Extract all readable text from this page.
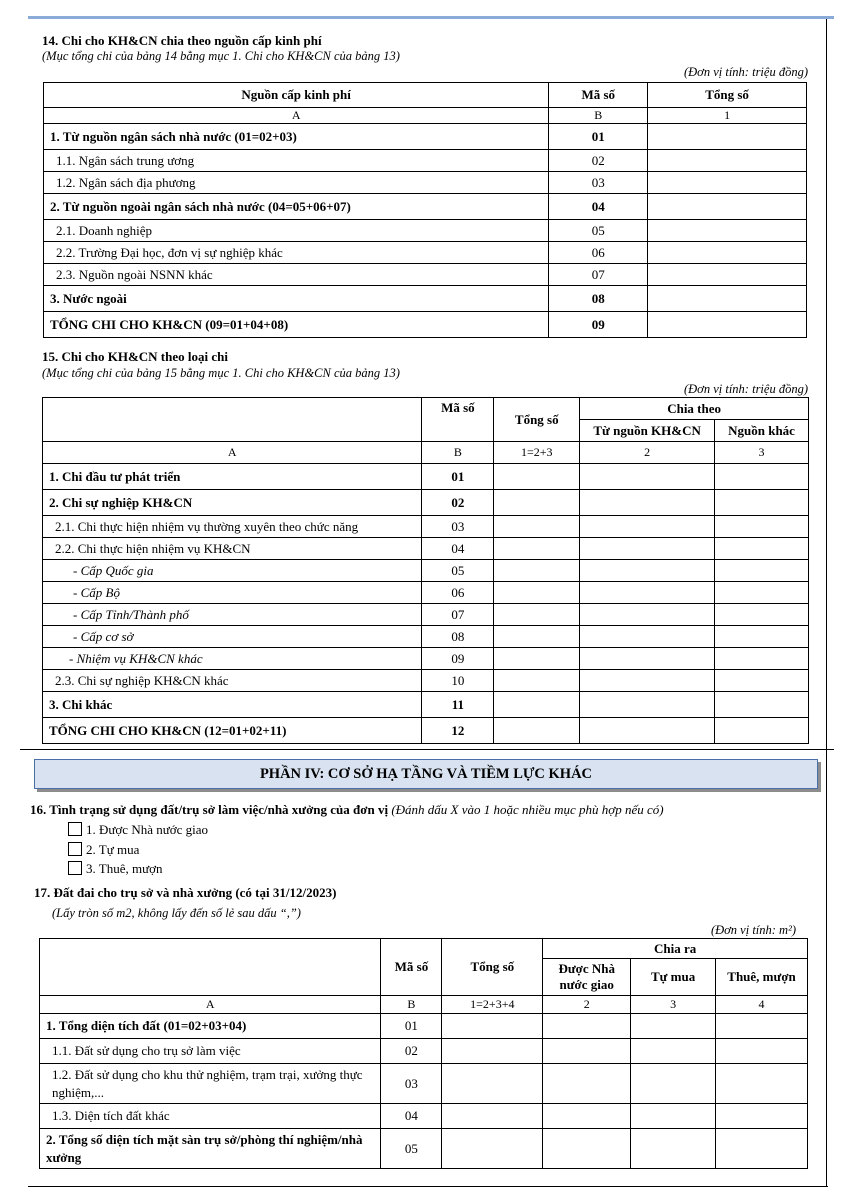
14. Chi cho KH&CN chia theo nguồn cấp kinh phí
(Mục tổng chi của bảng 14 bằng mục 1. Chi cho KH&CN của bảng 13)
(Đơn vị tính: triệu đồng)
Nguồn cấp kinh phí	Mã số	Tổng số
A	B	1
1. Từ nguồn ngân sách nhà nước (01=02+03)	01	
1.1. Ngân sách trung ương	02	
1.2. Ngân sách địa phương	03	
2. Từ nguồn ngoài ngân sách nhà nước (04=05+06+07)	04	
2.1. Doanh nghiệp	05	
2.2. Trường Đại học, đơn vị sự nghiệp khác	06	
2.3. Nguồn ngoài NSNN khác	07	
3. Nước ngoài	08	
TỔNG CHI CHO KH&CN (09=01+04+08)	09	
15. Chi cho KH&CN theo loại chi
(Mục tổng chi của bảng 15 bằng mục 1. Chi cho KH&CN của bảng 13)
(Đơn vị tính: triệu đồng)
	Mã số	Tổng số	Chia theo	
			Từ nguồn KH&CN	Nguồn khác
A	B	1=2+3	2	3
1. Chi đầu tư phát triển	01			
2. Chi sự nghiệp KH&CN	02			
2.1. Chi thực hiện nhiệm vụ thường xuyên theo chức năng	03			
2.2. Chi thực hiện nhiệm vụ KH&CN	04			
- Cấp Quốc gia	05			
- Cấp Bộ	06			
- Cấp Tỉnh/Thành phố	07			
- Cấp cơ sở	08			
- Nhiệm vụ KH&CN khác	09			
2.3. Chi sự nghiệp KH&CN khác	10			
3. Chi khác	11			
TỔNG CHI CHO KH&CN (12=01+02+11)	12			
PHẦN IV: CƠ SỞ HẠ TẦNG VÀ TIỀM LỰC KHÁC
16. Tình trạng sử dụng đất/trụ sở làm việc/nhà xưởng của đơn vị (Đánh dấu X vào 1 hoặc nhiều mục phù hợp nếu có)
1. Được Nhà nước giao
2. Tự mua
3. Thuê, mượn
17. Đất đai cho trụ sở và nhà xưởng (có tại 31/12/2023)
(Lấy tròn số m2, không lấy đến số lẻ sau dấu “,”)
(Đơn vị tính: m²)
	Mã số	Tổng số	Chia ra		
			Được Nhà nước giao	Tự mua	Thuê, mượn
A	B	1=2+3+4	2	3	4
1. Tổng diện tích đất (01=02+03+04)	01				
1.1. Đất sử dụng cho trụ sở làm việc	02				
1.2. Đất sử dụng cho khu thử nghiệm, trạm trại, xưởng thực nghiệm,...	03				
1.3. Diện tích đất khác	04				
2. Tổng số diện tích mặt sàn trụ sở/phòng thí nghiệm/nhà xưởng	05				
